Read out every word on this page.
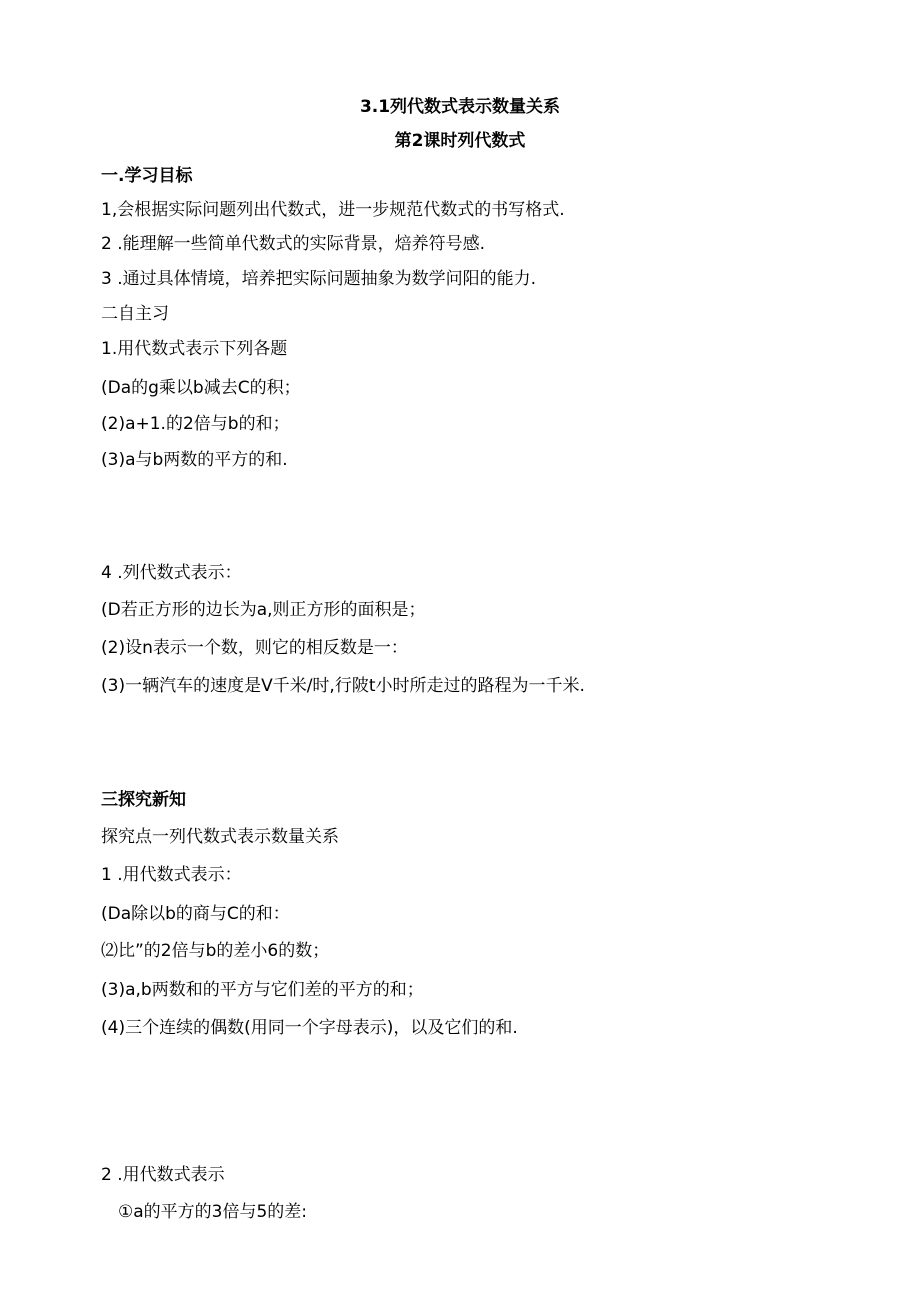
3.1列代数式表示数量关系
第2课时列代数式
一.学习目标
1,会根据实际问题列出代数式，进一步规范代数式的书写格式.
2 .能理解一些简单代数式的实际背景，焙养符号感.
3 .通过具体情境，培养把实际问题抽象为数学问阳的能力.
二自主习
1.用代数式表示下列各题
(Da的g乘以b减去C的积；
(2)a+1.的2倍与b的和；
(3)a与b两数的平方的和.
4 .列代数式表示：
(D若正方形的边长为a,则正方形的面积是；
(2)设n表示一个数，则它的相反数是一：
(3)一辆汽车的速度是V千米/时,行陂t小时所走过的路程为一千米.
三探究新知
探究点一列代数式表示数量关系
1 .用代数式表示：
(Da除以b的商与C的和：
⑵比”的2倍与b的差小6的数；
(3)a,b两数和的平方与它们差的平方的和；
(4)三个连续的偶数(用同一个字母表示)，以及它们的和.
2 .用代数式表示
①a的平方的3倍与5的差:
